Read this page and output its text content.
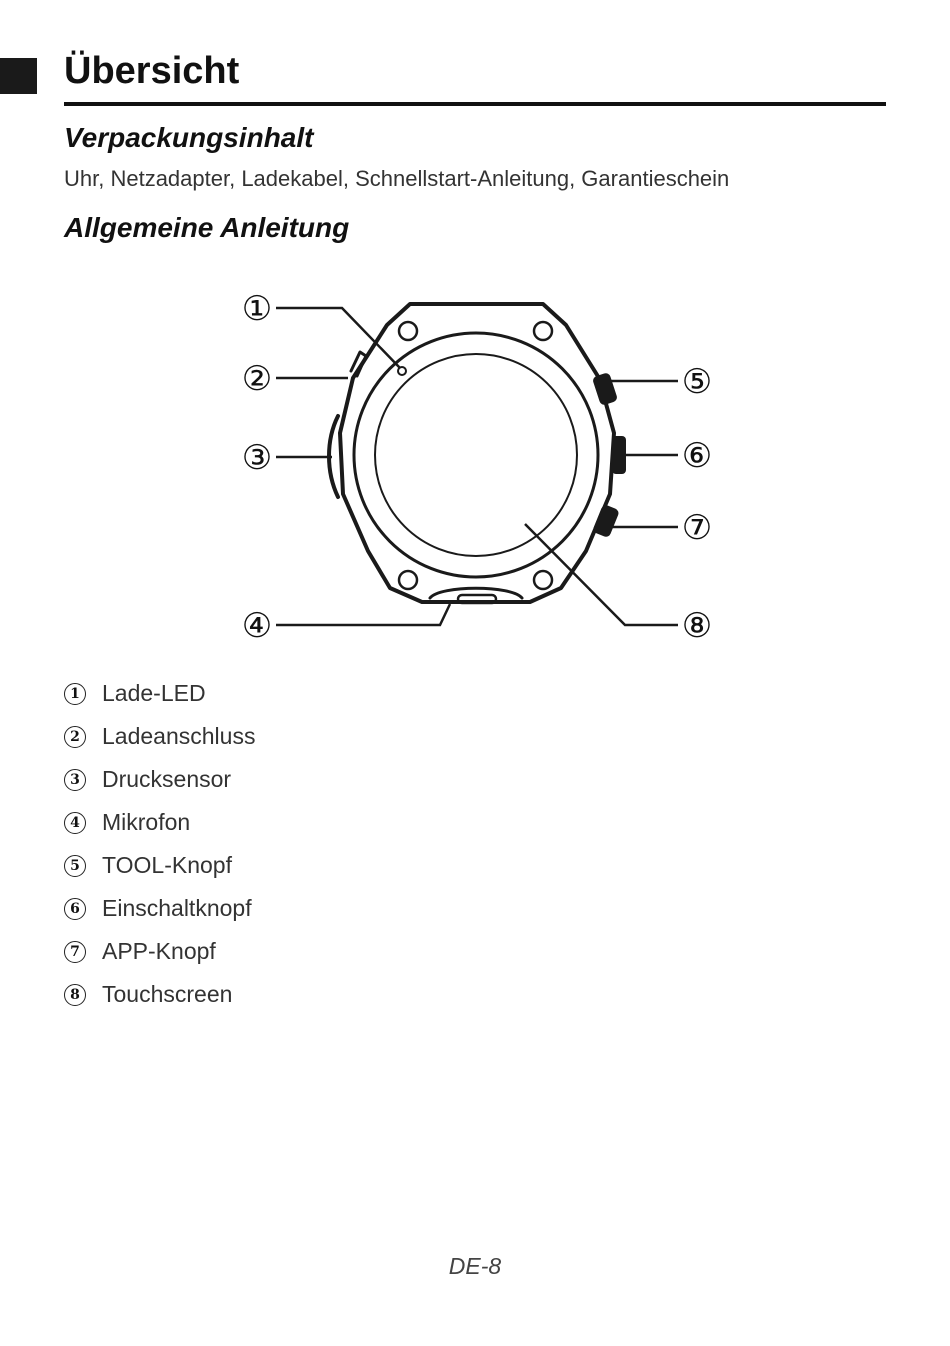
Übersicht
Verpackungsinhalt

Uhr, Netzadapter, Ladekabel, Schnellstart-Anleitung, Garantieschein

Allgemeine Anleitung
①
②
③
④
⑤
⑥
⑦
⑧
1 Lade-LED
2 Ladeanschluss
3 Drucksensor
4 Mikrofon
5 TOOL-Knopf
6 Einschaltknopf
7 APP-Knopf
8 Touchscreen
DE-8
